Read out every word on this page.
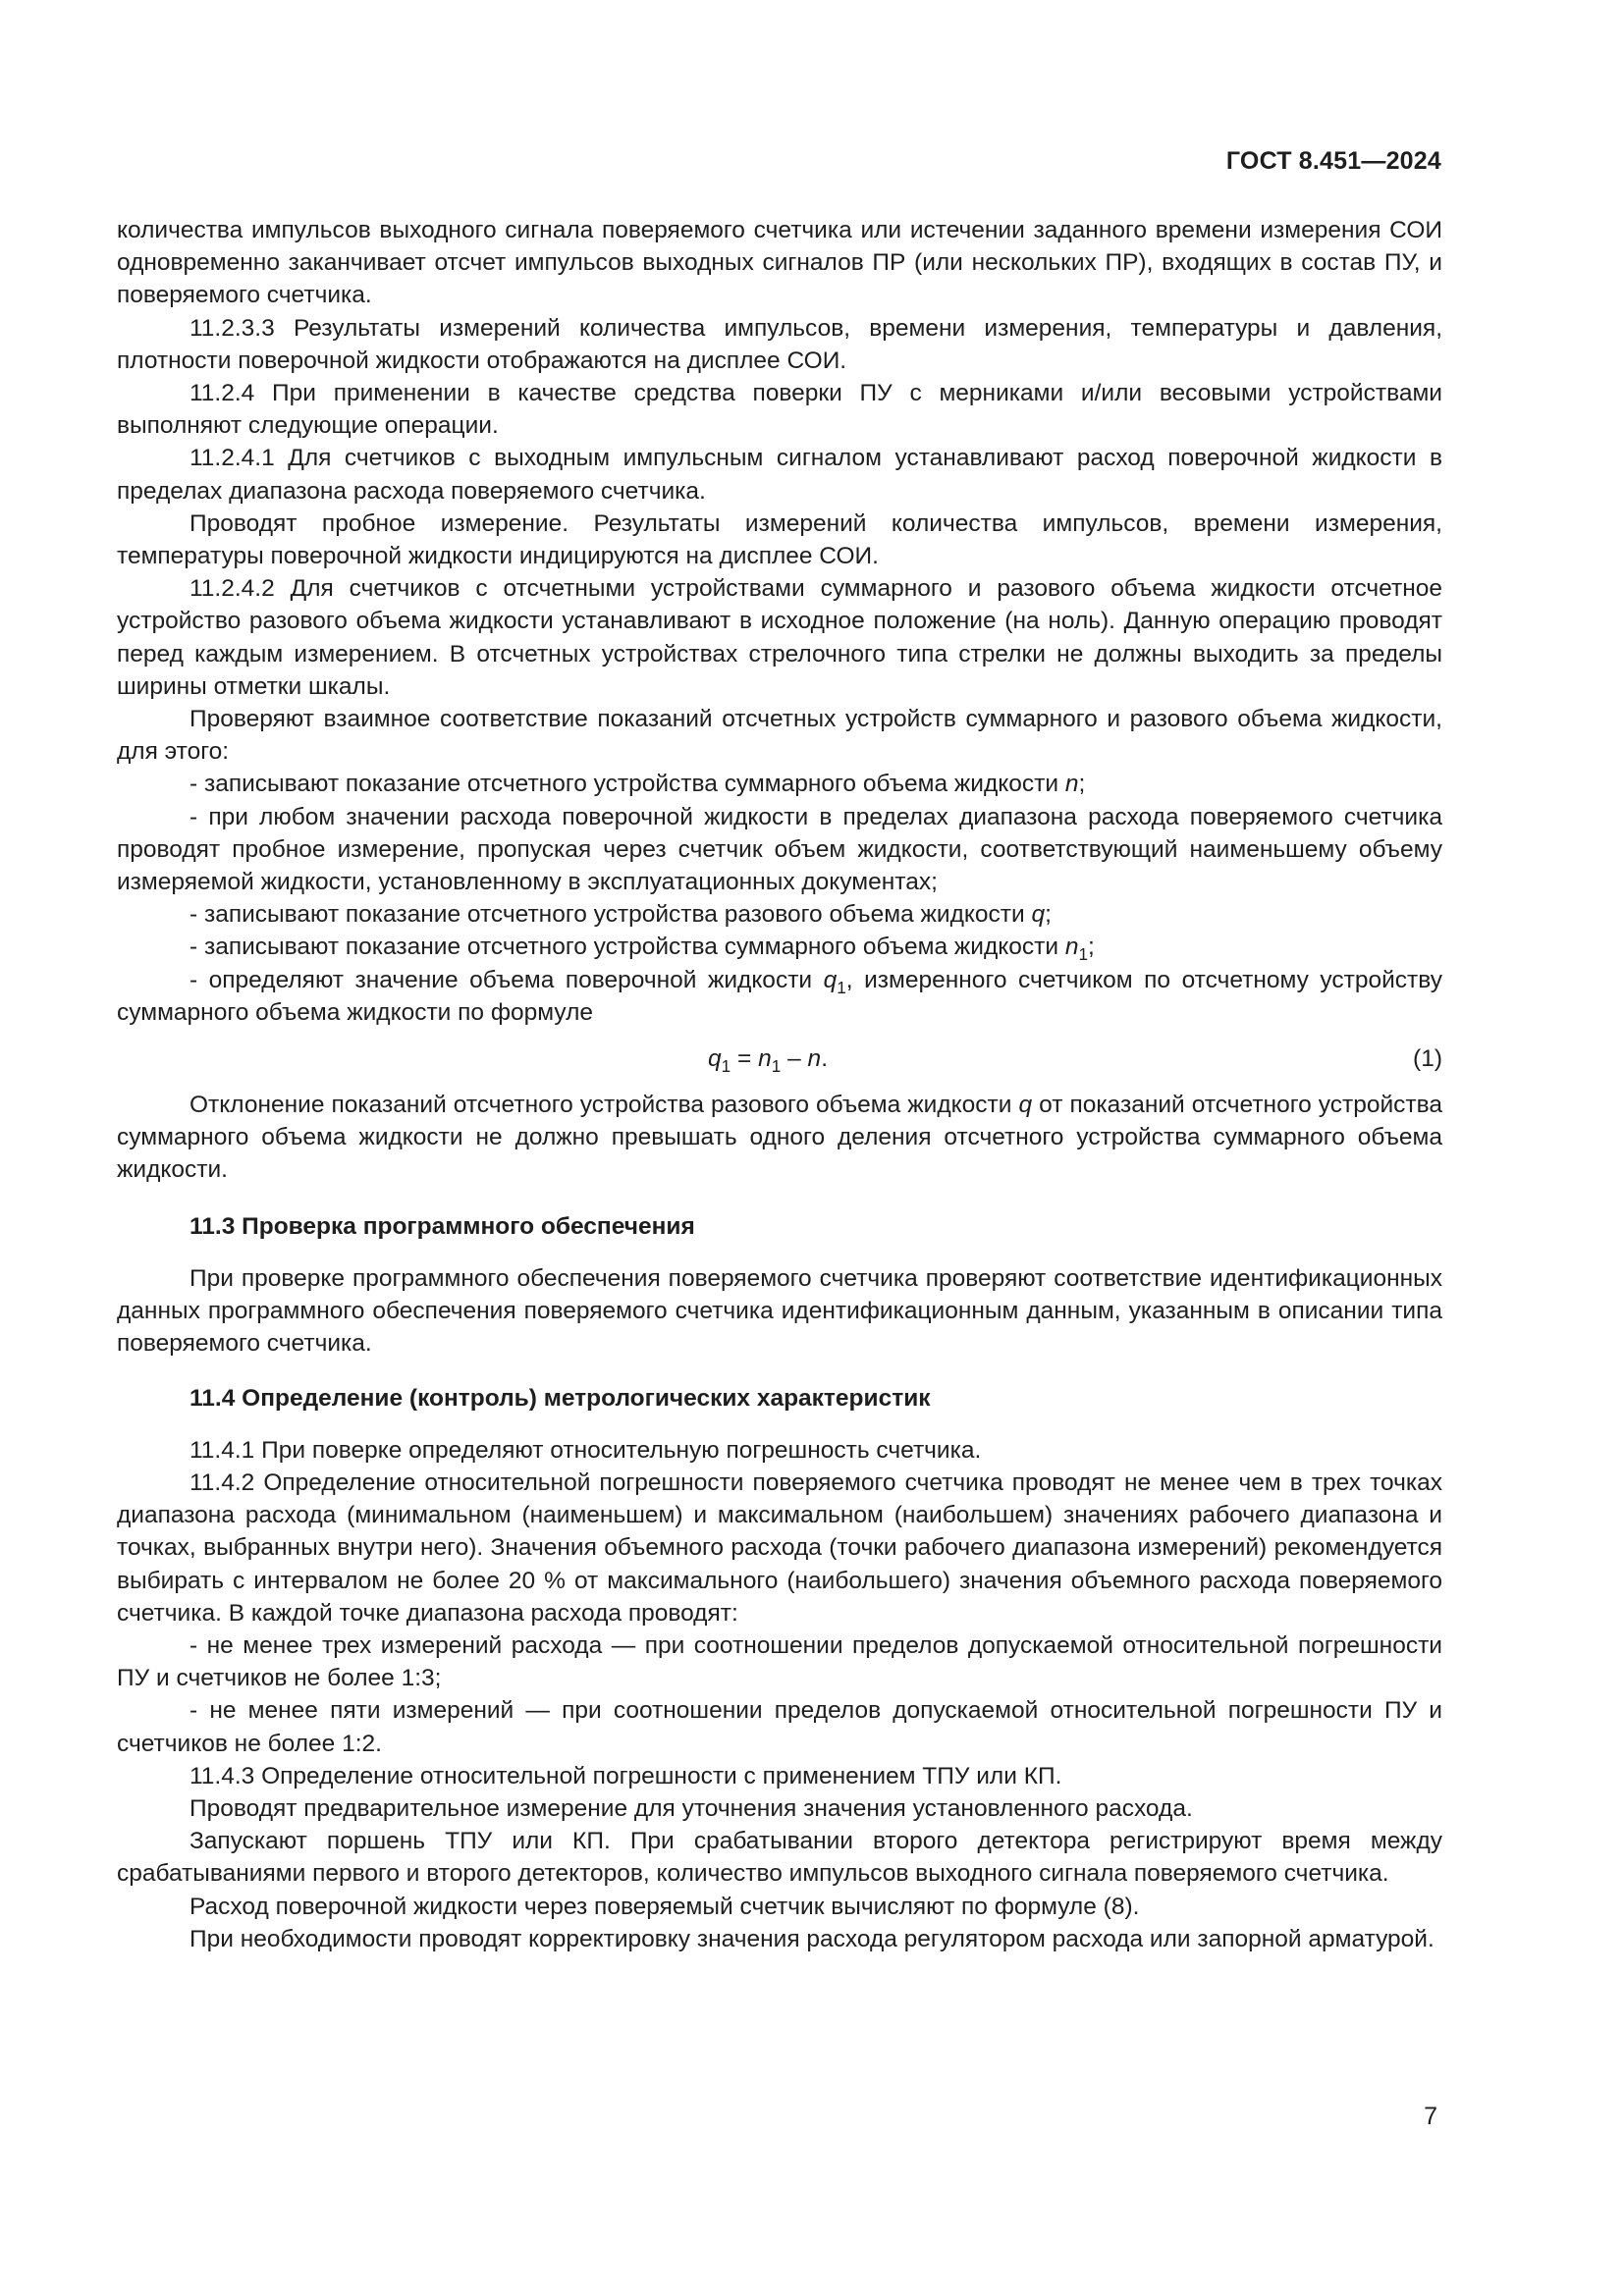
ГОСТ 8.451—2024

количества импульсов выходного сигнала поверяемого счетчика или истечении заданного времени измерения СОИ одновременно заканчивает отсчет импульсов выходных сигналов ПР (или нескольких ПР), входящих в состав ПУ, и поверяемого счетчика.

11.2.3.3 Результаты измерений количества импульсов, времени измерения, температуры и давления, плотности поверочной жидкости отображаются на дисплее СОИ.

11.2.4 При применении в качестве средства поверки ПУ с мерниками и/или весовыми устройствами выполняют следующие операции.

11.2.4.1 Для счетчиков с выходным импульсным сигналом устанавливают расход поверочной жидкости в пределах диапазона расхода поверяемого счетчика.

Проводят пробное измерение. Результаты измерений количества импульсов, времени измерения, температуры поверочной жидкости индицируются на дисплее СОИ.

11.2.4.2 Для счетчиков с отсчетными устройствами суммарного и разового объема жидкости отсчетное устройство разового объема жидкости устанавливают в исходное положение (на ноль). Данную операцию проводят перед каждым измерением. В отсчетных устройствах стрелочного типа стрелки не должны выходить за пределы ширины отметки шкалы.

Проверяют взаимное соответствие показаний отсчетных устройств суммарного и разового объема жидкости, для этого:

- записывают показание отсчетного устройства суммарного объема жидкости n;

- при любом значении расхода поверочной жидкости в пределах диапазона расхода поверяемого счетчика проводят пробное измерение, пропуская через счетчик объем жидкости, соответствующий наименьшему объему измеряемой жидкости, установленному в эксплуатационных документах;

- записывают показание отсчетного устройства разового объема жидкости q;

- записывают показание отсчетного устройства суммарного объема жидкости $n_1$;

- определяют значение объема поверочной жидкости $q_1$, измеренного счетчиком по отсчетному устройству суммарного объема жидкости по формуле

$q_1 = n_1 - n$.	(1)

Отклонение показаний отсчетного устройства разового объема жидкости q от показаний отсчетного устройства суммарного объема жидкости не должно превышать одного деления отсчетного устройства суммарного объема жидкости.

11.3 Проверка программного обеспечения

При проверке программного обеспечения поверяемого счетчика проверяют соответствие идентификационных данных программного обеспечения поверяемого счетчика идентификационным данным, указанным в описании типа поверяемого счетчика.

11.4 Определение (контроль) метрологических характеристик

11.4.1 При поверке определяют относительную погрешность счетчика.

11.4.2 Определение относительной погрешности поверяемого счетчика проводят не менее чем в трех точках диапазона расхода (минимальном (наименьшем) и максимальном (наибольшем) значениях рабочего диапазона и точках, выбранных внутри него). Значения объемного расхода (точки рабочего диапазона измерений) рекомендуется выбирать с интервалом не более 20 % от максимального (наибольшего) значения объемного расхода поверяемого счетчика. В каждой точке диапазона расхода проводят:

- не менее трех измерений расхода — при соотношении пределов допускаемой относительной погрешности ПУ и счетчиков не более 1:3;

- не менее пяти измерений — при соотношении пределов допускаемой относительной погрешности ПУ и счетчиков не более 1:2.

11.4.3 Определение относительной погрешности с применением ТПУ или КП.

Проводят предварительное измерение для уточнения значения установленного расхода.

Запускают поршень ТПУ или КП. При срабатывании второго детектора регистрируют время между срабатываниями первого и второго детекторов, количество импульсов выходного сигнала поверяемого счетчика.

Расход поверочной жидкости через поверяемый счетчик вычисляют по формуле (8).

При необходимости проводят корректировку значения расхода регулятором расхода или запорной арматурой.

7
